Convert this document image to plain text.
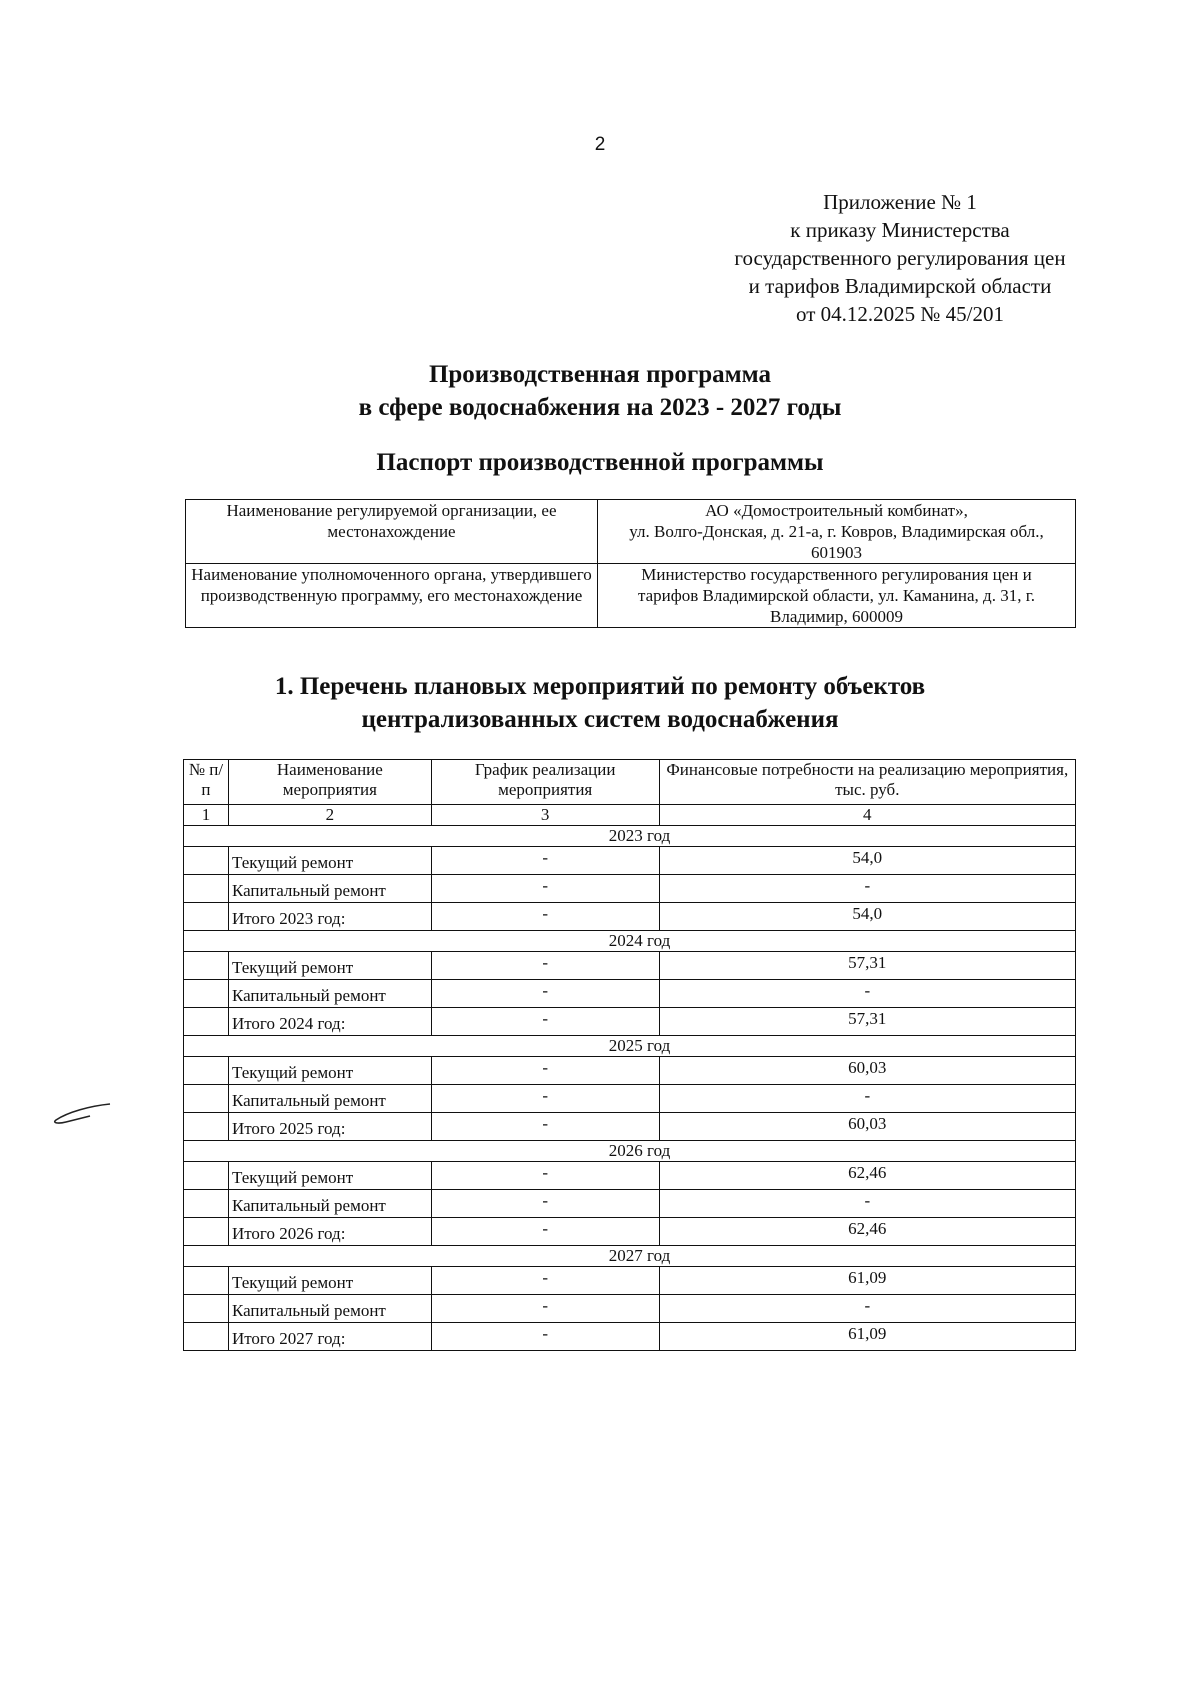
2
Приложение № 1
к приказу Министерства
государственного регулирования цен
и тарифов Владимирской области
от 04.12.2025 № 45/201
Производственная программа
в сфере водоснабжения на 2023 - 2027 годы
Паспорт производственной программы
Наименование регулируемой организации, ее местонахождение	АО «Домостроительный комбинат»,
ул. Волго-Донская, д. 21-а, г. Ковров, Владимирская обл.,
601903

Наименование уполномоченного органа, утвердившего производственную программу, его местонахождение	Министерство государственного регулирования цен и
тарифов Владимирской области, ул. Каманина, д. 31, г.
Владимир, 600009
1. Перечень плановых мероприятий по ремонту объектов
централизованных систем водоснабжения
№ п/п	Наименование мероприятия	График реализации мероприятия	Финансовые потребности на реализацию мероприятия, тыс. руб.
1	2	3	4
2023 год			
	Текущий ремонт	-	54,0
	Капитальный ремонт	-	-
	Итого 2023 год:	-	54,0
2024 год			
	Текущий ремонт	-	57,31
	Капитальный ремонт	-	-
	Итого 2024 год:	-	57,31
2025 год			
	Текущий ремонт	-	60,03
	Капитальный ремонт	-	-
	Итого 2025 год:	-	60,03
2026 год			
	Текущий ремонт	-	62,46
	Капитальный ремонт	-	-
	Итого 2026 год:	-	62,46
2027 год			
	Текущий ремонт	-	61,09
	Капитальный ремонт	-	-
	Итого 2027 год:	-	61,09
